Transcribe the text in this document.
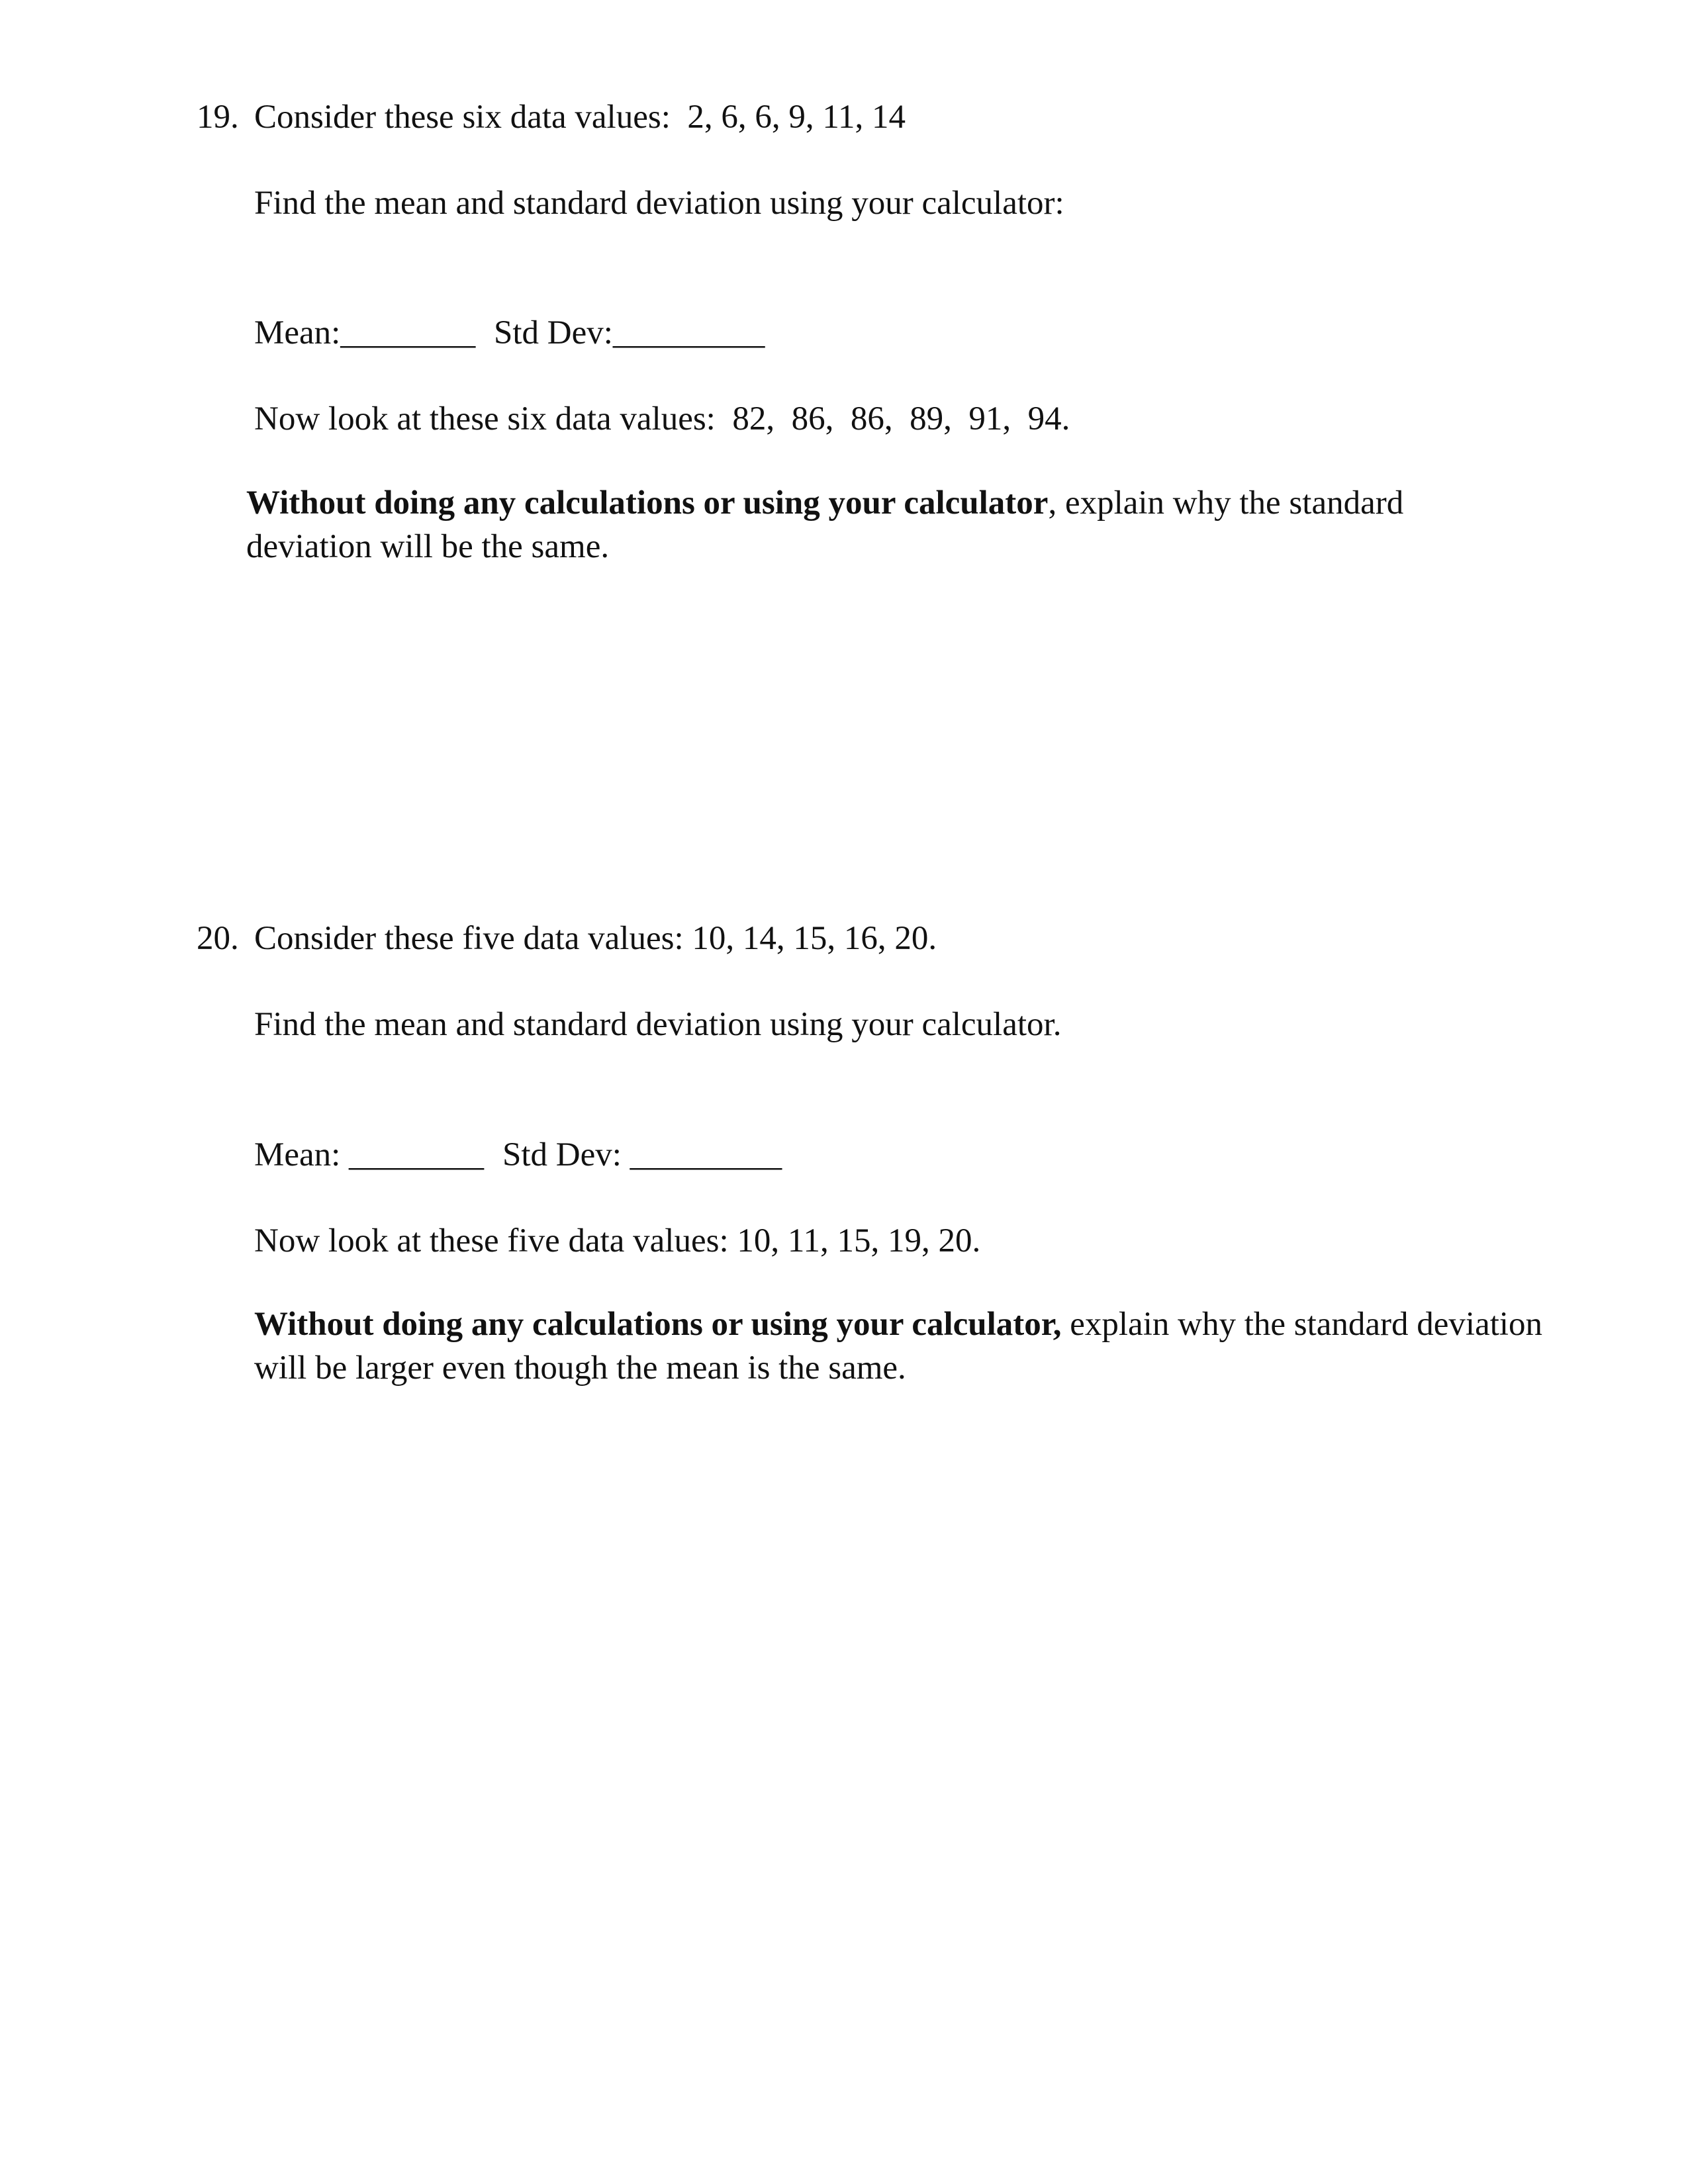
19. Consider these six data values:  2, 6, 6, 9, 11, 14
Find the mean and standard deviation using your calculator:
Mean:________ Std Dev:_________
Now look at these six data values:  82,  86,  86,  89,  91,  94.
Without doing any calculations or using your calculator, explain why the standard deviation will be the same.
20. Consider these five data values: 10, 14, 15, 16, 20.
Find the mean and standard deviation using your calculator.
Mean: ________ Std Dev: _________
Now look at these five data values: 10, 11, 15, 19, 20.
Without doing any calculations or using your calculator, explain why the standard deviation will be larger even though the mean is the same.
